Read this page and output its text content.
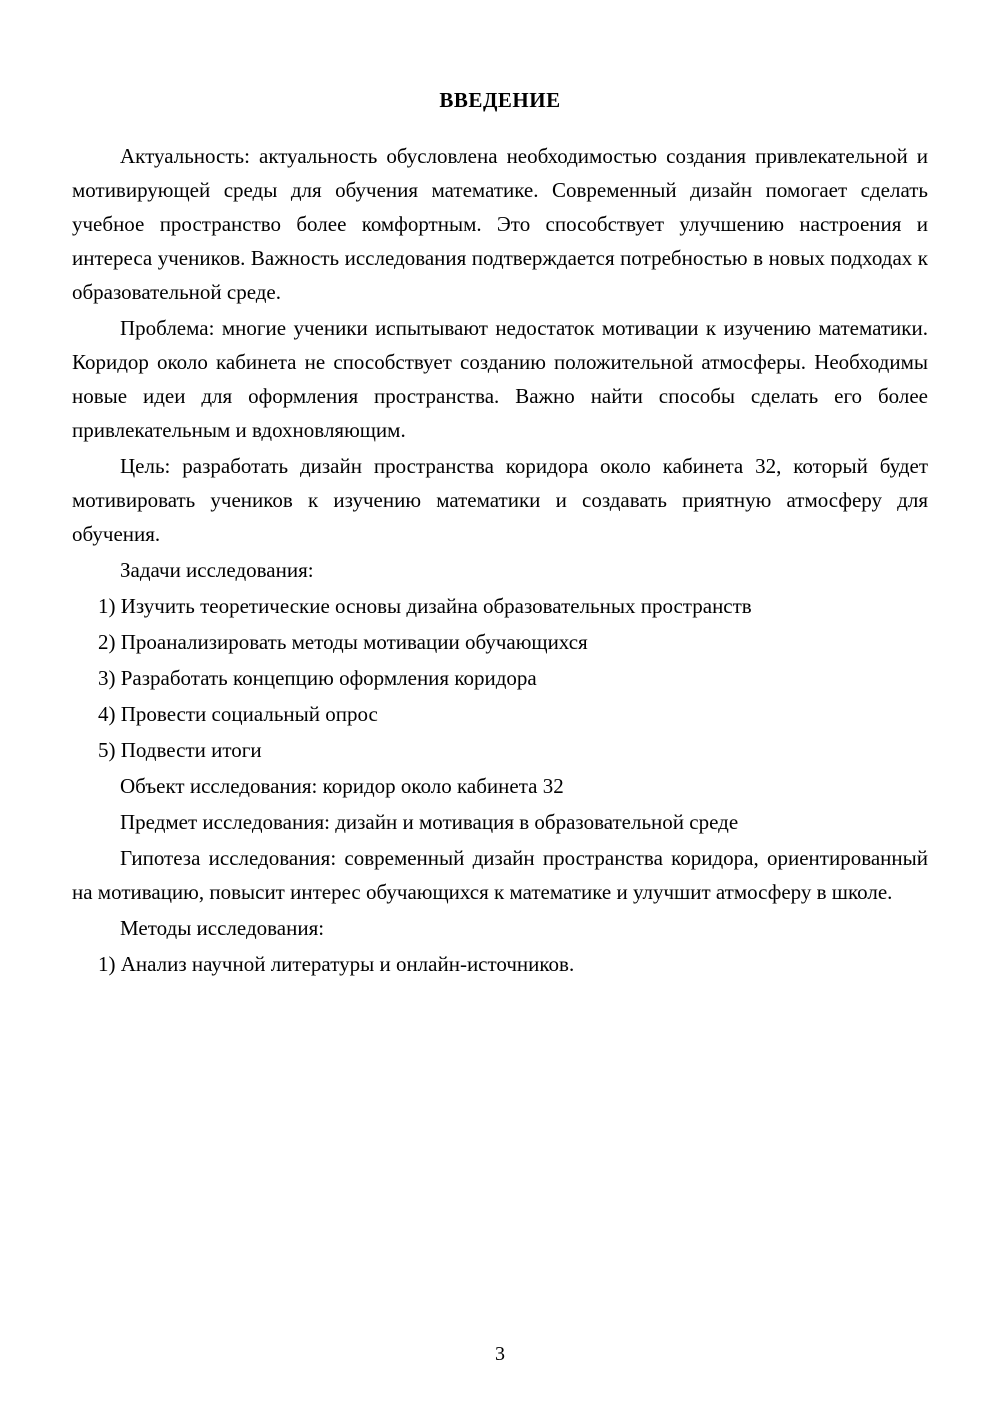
ВВЕДЕНИЕ

Актуальность: актуальность обусловлена необходимостью создания привлекательной и мотивирующей среды для обучения математике. Современный дизайн помогает сделать учебное пространство более комфортным. Это способствует улучшению настроения и интереса учеников. Важность исследования подтверждается потребностью в новых подходах к образовательной среде.

Проблема: многие ученики испытывают недостаток мотивации к изучению математики. Коридор около кабинета не способствует созданию положительной атмосферы. Необходимы новые идеи для оформления пространства. Важно найти способы сделать его более привлекательным и вдохновляющим.

Цель: разработать дизайн пространства коридора около кабинета 32, который будет мотивировать учеников к изучению математики и создавать приятную атмосферу для обучения.

Задачи исследования:

1) Изучить теоретические основы дизайна образовательных пространств

2) Проанализировать методы мотивации обучающихся

3) Разработать концепцию оформления коридора

4) Провести социальный опрос

5) Подвести итоги

Объект исследования: коридор около кабинета 32

Предмет исследования: дизайн и мотивация в образовательной среде

Гипотеза исследования: современный дизайн пространства коридора, ориентированный на мотивацию, повысит интерес обучающихся к математике и улучшит атмосферу в школе.

Методы исследования:

1) Анализ научной литературы и онлайн-источников.

3
